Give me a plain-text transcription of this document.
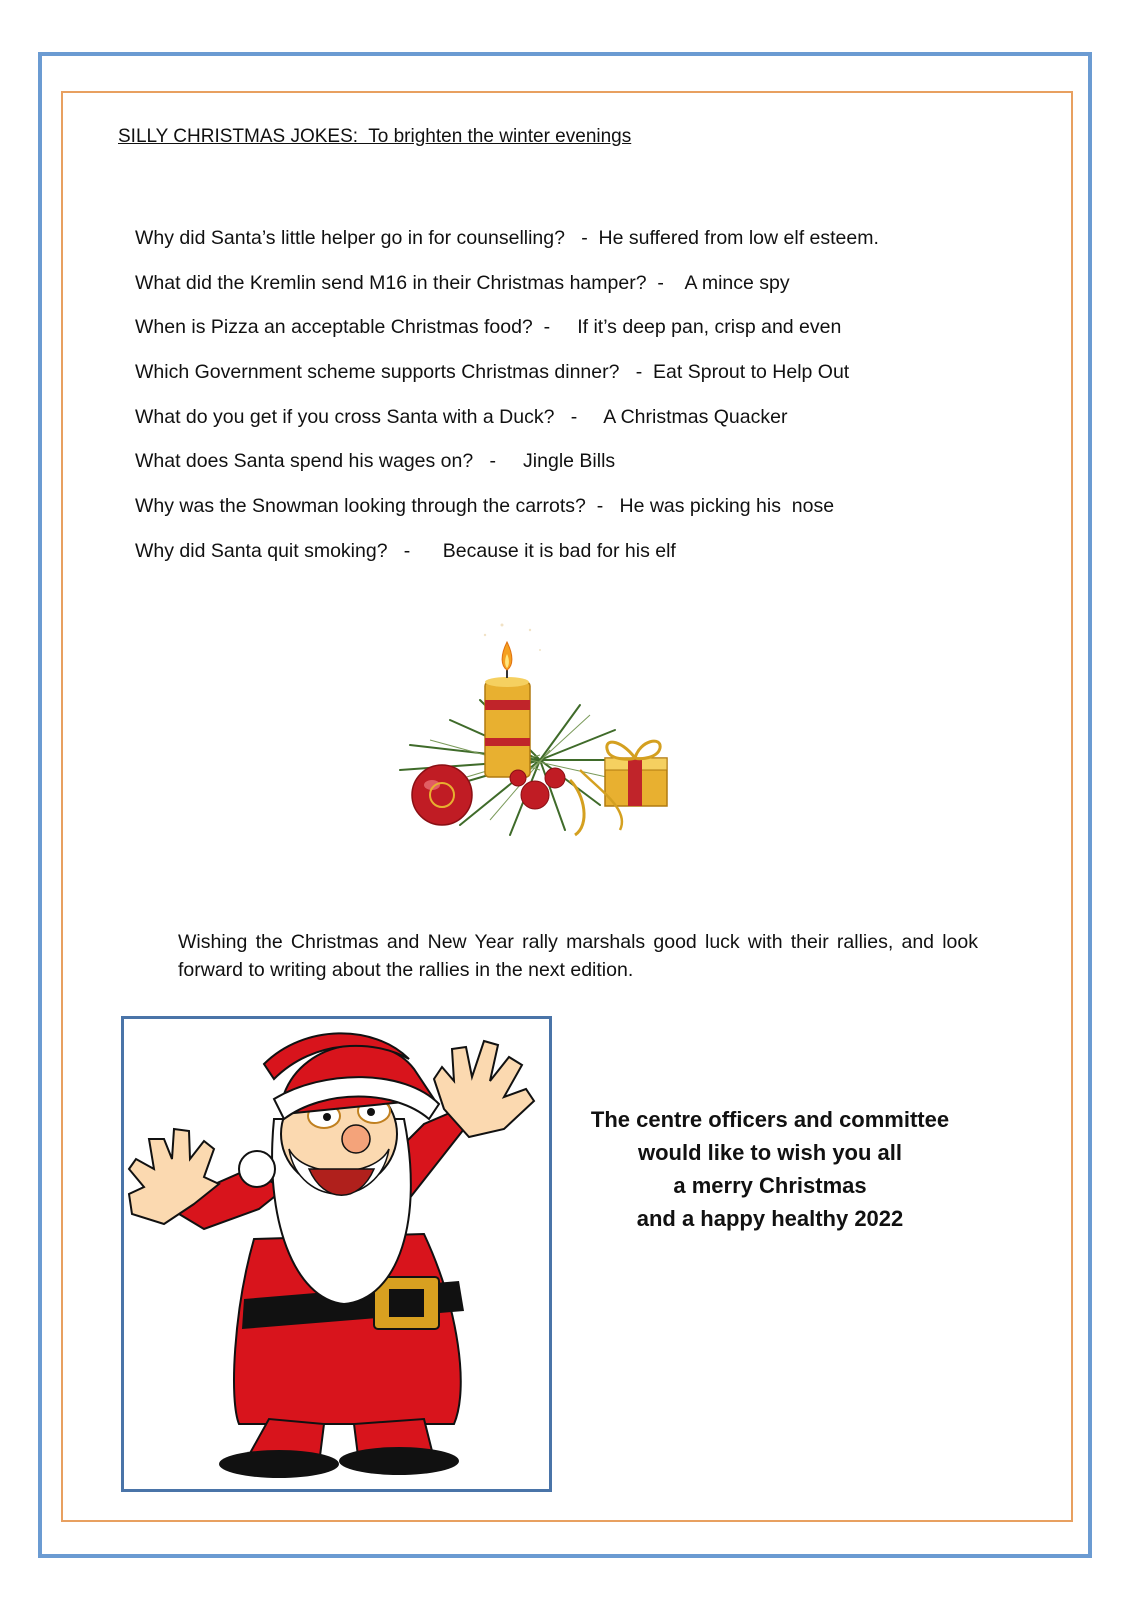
SILLY CHRISTMAS JOKES:  To brighten the winter evenings
Why did Santa’s little helper go in for counselling?   -  He suffered from low elf esteem.
What did the Kremlin send M16 in their Christmas hamper?  -    A mince spy
When is Pizza an acceptable Christmas food?  -     If it’s deep pan, crisp and even
Which Government scheme supports Christmas dinner?   -  Eat Sprout to Help Out
What do you get if you cross Santa with a Duck?   -     A Christmas Quacker
What does Santa spend his wages on?   -     Jingle Bills
Why was the Snowman looking through the carrots?  -   He was picking his  nose
Why did Santa quit smoking?   -      Because it is bad for his elf
Wishing the Christmas and New Year rally marshals good luck with their rallies, and look forward to writing about the rallies in the next edition.
The centre officers and committee
would like to wish you all
a merry Christmas
and a happy healthy 2022
